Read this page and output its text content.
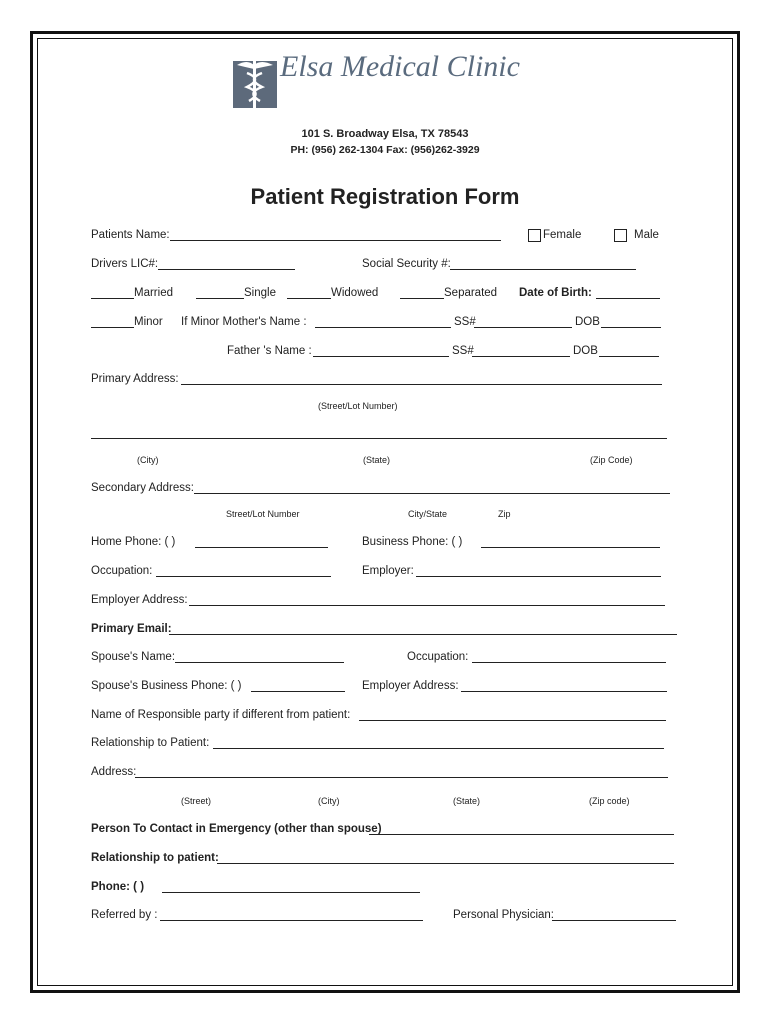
Elsa Medical Clinic
101 S. Broadway Elsa, TX 78543
PH: (956) 262-1304 Fax: (956)262-3929
Patient Registration Form
Patients Name:	Female	Male
Drivers LIC#:	Social Security #:
Married	Single	Widowed	Separated Date of Birth:
Minor If Minor Mother's Name :	SS#	DOB
Father 's Name :	SS#	DOB
Primary Address:
(Street/Lot Number)
(City)	(State)	(Zip Code)
Secondary Address:
Street/Lot Number	City/State	Zip
Home Phone: ( )	Business Phone: ( )
Occupation:	Employer:
Employer Address:
Primary Email:
Spouse's Name:	Occupation:
Spouse's Business Phone: ( )	Employer Address:
Name of Responsible party if different from patient:
Relationship to Patient:
Address:
(Street)	(City)	(State)	(Zip code)
Person To Contact in Emergency (other than spouse)
Relationship to patient:
Phone: ( )
Referred by :	Personal Physician:
